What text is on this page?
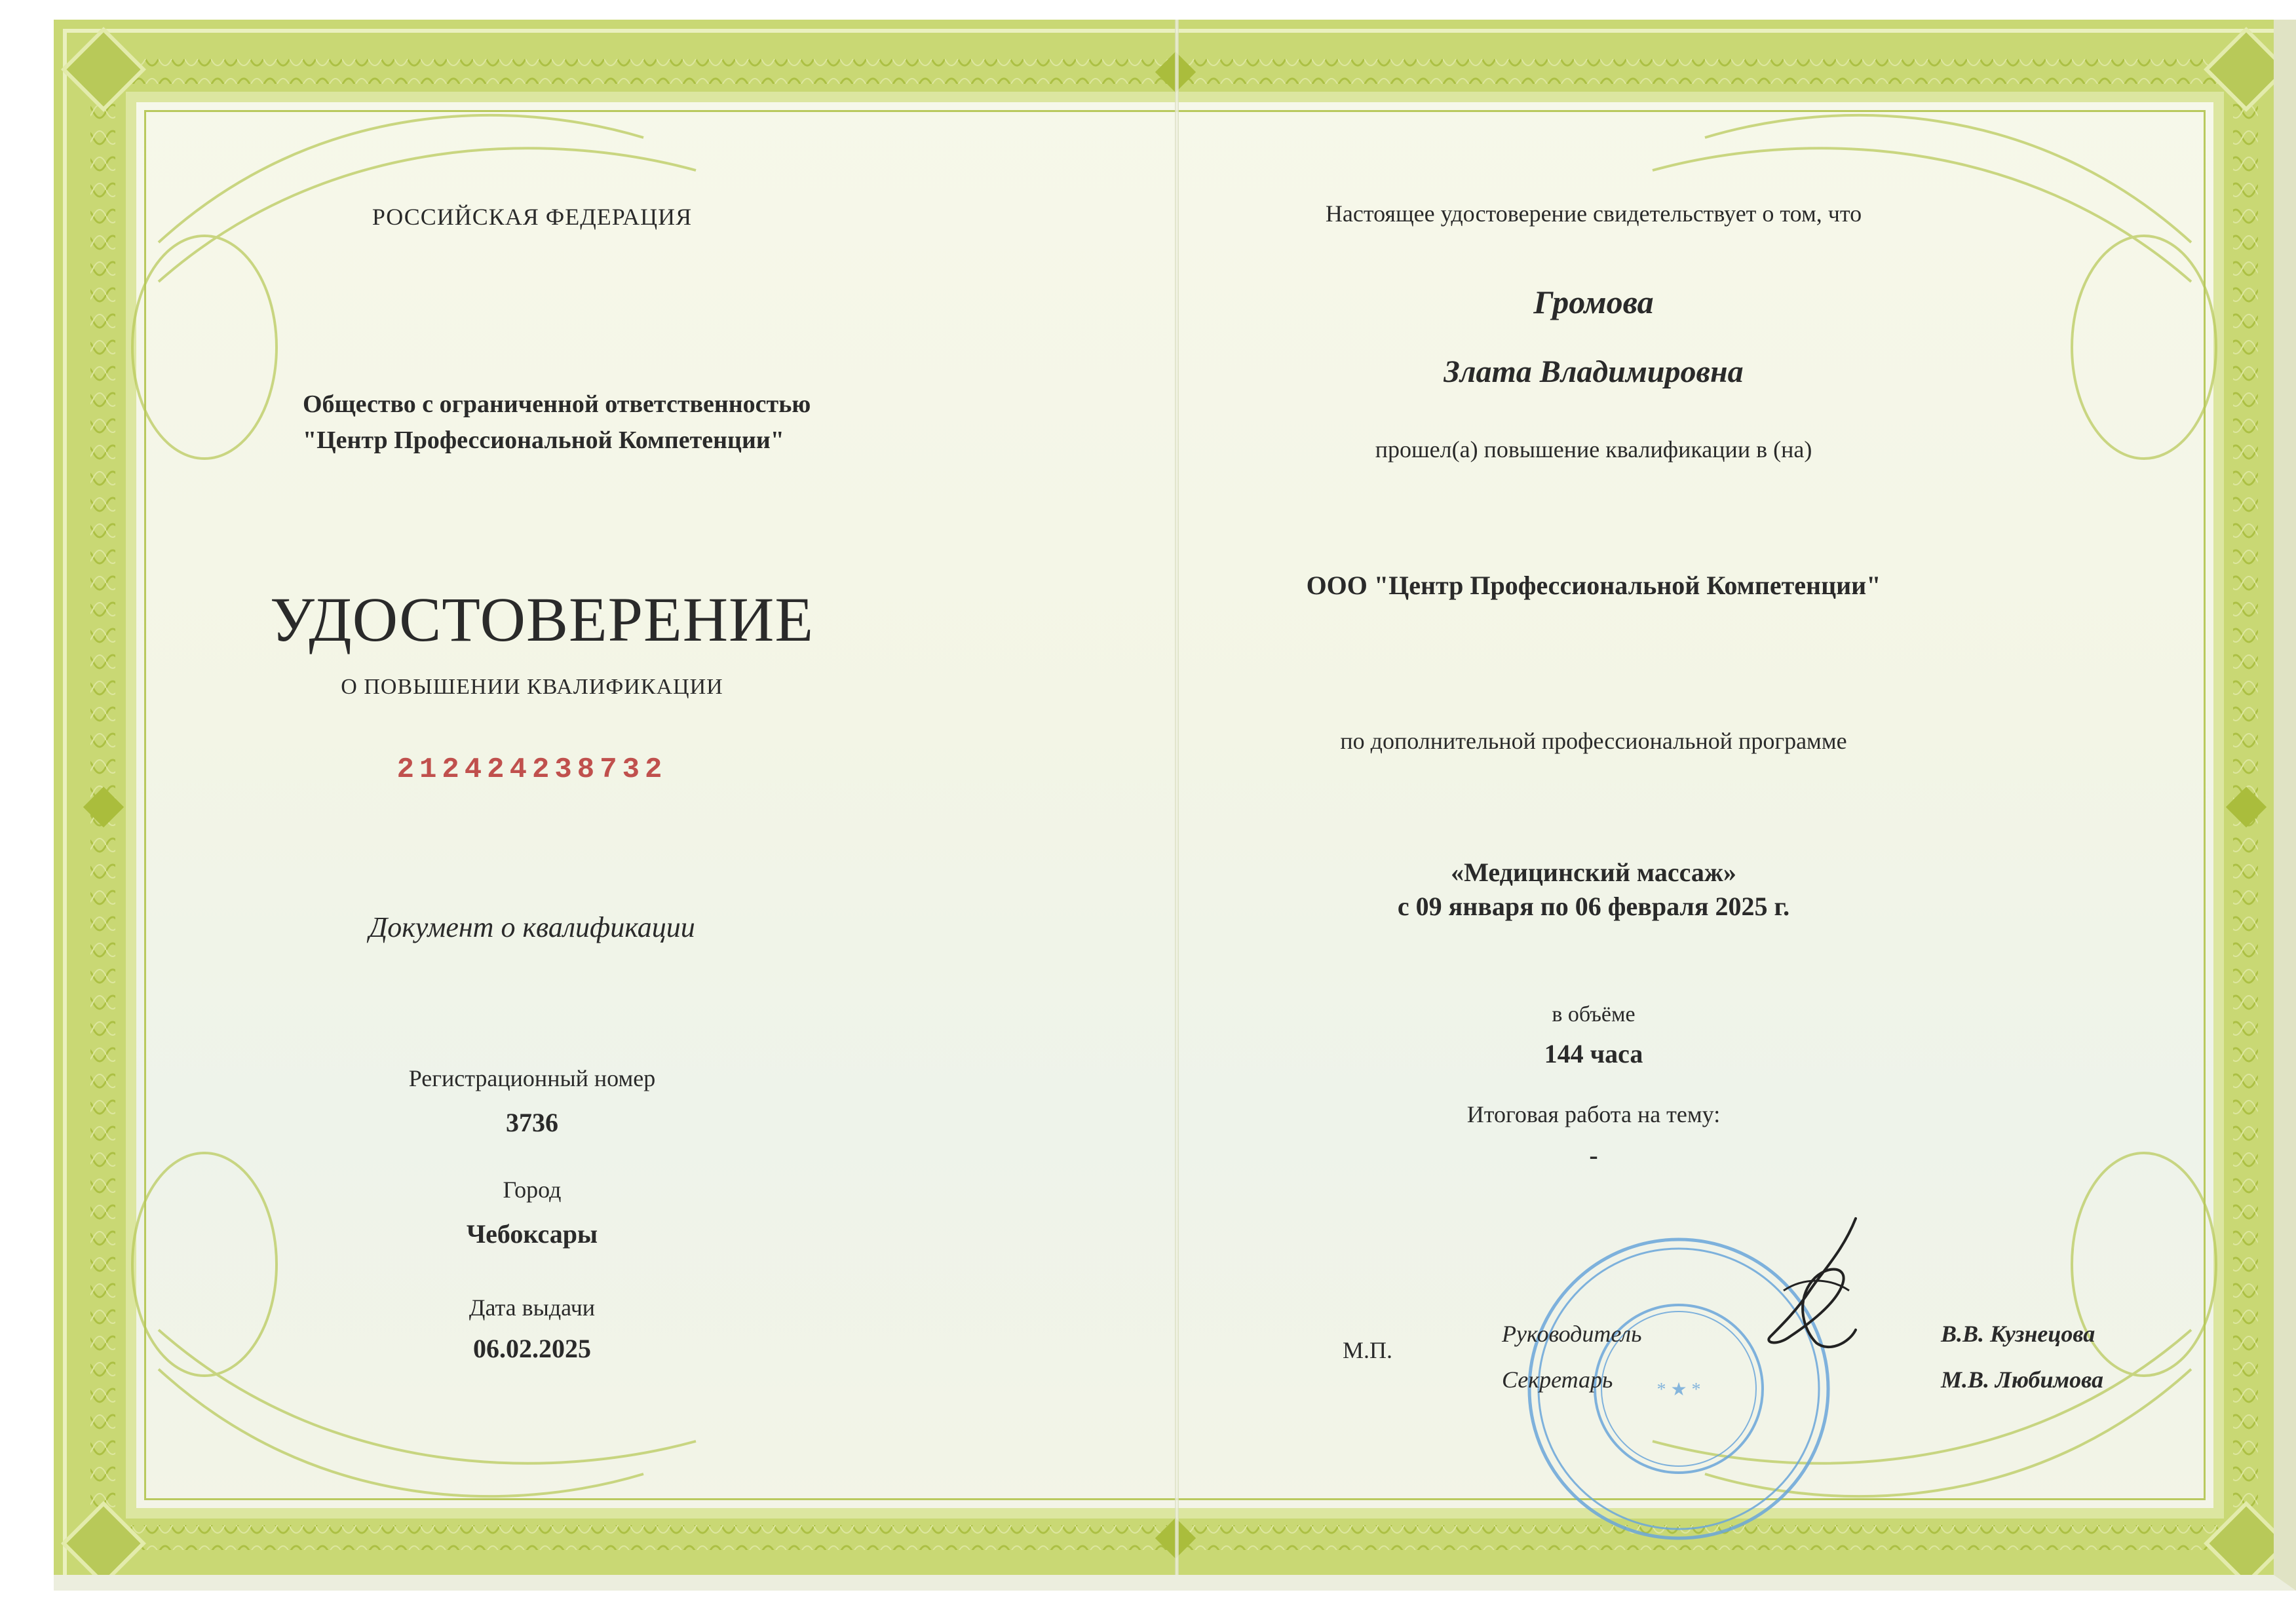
РОССИЙСКАЯ ФЕДЕРАЦИЯ
Общество с ограниченной ответственностью
"Центр Профессиональной Компетенции"
УДОСТОВЕРЕНИЕ
О ПОВЫШЕНИИ КВАЛИФИКАЦИИ
212424238732
Документ о квалификации
Регистрационный номер
3736
Город
Чебоксары
Дата выдачи
06.02.2025
Настоящее удостоверение свидетельствует о том, что
Громова
Злата Владимировна
прошел(а) повышение квалификации в (на)
ООО "Центр Профессиональной Компетенции"
по дополнительной профессиональной программе
«Медицинский массаж»
с 09 января по 06 февраля 2025 г.
в объёме
144 часа
Итоговая работа на тему:
-
М.П.
* ★ *
Руководитель	В.В. Кузнецова
Секретарь	М.В. Любимова
